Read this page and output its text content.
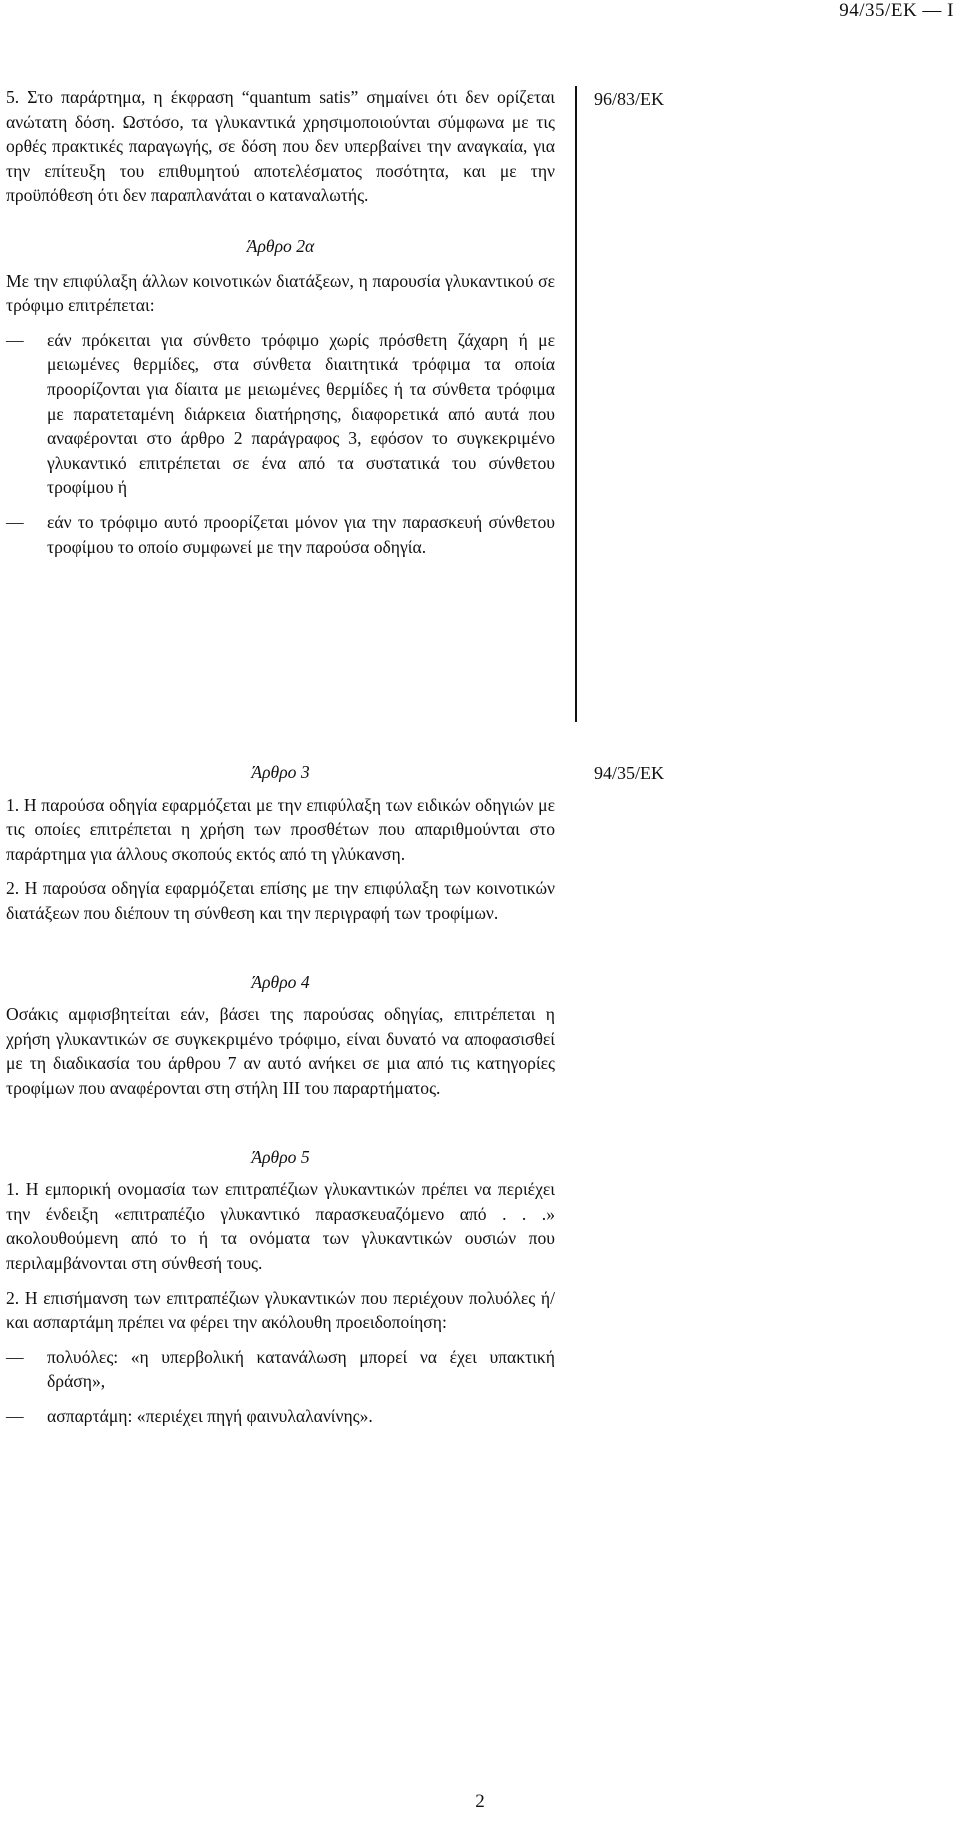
94/35/ΕΚ — I
96/83/ΕΚ

5. Στο παράρτημα, η έκφραση “quantum satis” σημαίνει ότι δεν ορίζεται ανώτατη δόση. Ωστόσο, τα γλυκαντικά χρησιμοποιούνται σύμφωνα με τις ορθές πρακτικές παραγωγής, σε δόση που δεν υπερβαίνει την αναγκαία, για την επίτευξη του επιθυμητού αποτελέσματος ποσότητα, και με την προϋπόθεση ότι δεν παραπλανάται ο καταναλωτής.

Άρθρο 2α

Με την επιφύλαξη άλλων κοινοτικών διατάξεων, η παρουσία γλυκαντικού σε τρόφιμο επιτρέπεται:

— εάν πρόκειται για σύνθετο τρόφιμο χωρίς πρόσθετη ζάχαρη ή με μειωμένες θερμίδες, στα σύνθετα διαιτητικά τρόφιμα τα οποία προορίζονται για δίαιτα με μειωμένες θερμίδες ή τα σύνθετα τρόφιμα με παρατεταμένη διάρκεια διατήρησης, διαφορετικά από αυτά που αναφέρονται στο άρθρο 2 παράγραφος 3, εφόσον το συγκεκριμένο γλυκαντικό επιτρέπεται σε ένα από τα συστατικά του σύνθετου τροφίμου ή
— εάν το τρόφιμο αυτό προορίζεται μόνον για την παρασκευή σύνθετου τροφίμου το οποίο συμφωνεί με την παρούσα οδηγία.
94/35/ΕΚ

Άρθρο 3

1. Η παρούσα οδηγία εφαρμόζεται με την επιφύλαξη των ειδικών οδηγιών με τις οποίες επιτρέπεται η χρήση των προσθέτων που απαριθμούνται στο παράρτημα για άλλους σκοπούς εκτός από τη γλύκανση.

2. Η παρούσα οδηγία εφαρμόζεται επίσης με την επιφύλαξη των κοινοτικών διατάξεων που διέπουν τη σύνθεση και την περιγραφή των τροφίμων.

Άρθρο 4

Οσάκις αμφισβητείται εάν, βάσει της παρούσας οδηγίας, επιτρέπεται η χρήση γλυκαντικών σε συγκεκριμένο τρόφιμο, είναι δυνατό να αποφασισθεί με τη διαδικασία του άρθρου 7 αν αυτό ανήκει σε μια από τις κατηγορίες τροφίμων που αναφέρονται στη στήλη ΙΙΙ του παραρτήματος.

Άρθρο 5

1. Η εμπορική ονομασία των επιτραπέζιων γλυκαντικών πρέπει να περιέχει την ένδειξη «επιτραπέζιο γλυκαντικό παρασκευαζόμενο από . . .» ακολουθούμενη από το ή τα ονόματα των γλυκαντικών ουσιών που περιλαμβάνονται στη σύνθεσή τους.

2. Η επισήμανση των επιτραπέζιων γλυκαντικών που περιέχουν πολυόλες ή/και ασπαρτάμη πρέπει να φέρει την ακόλουθη προειδοποίηση:

— πολυόλες: «η υπερβολική κατανάλωση μπορεί να έχει υπακτική δράση»,
— ασπαρτάμη: «περιέχει πηγή φαινυλαλανίνης».
2
